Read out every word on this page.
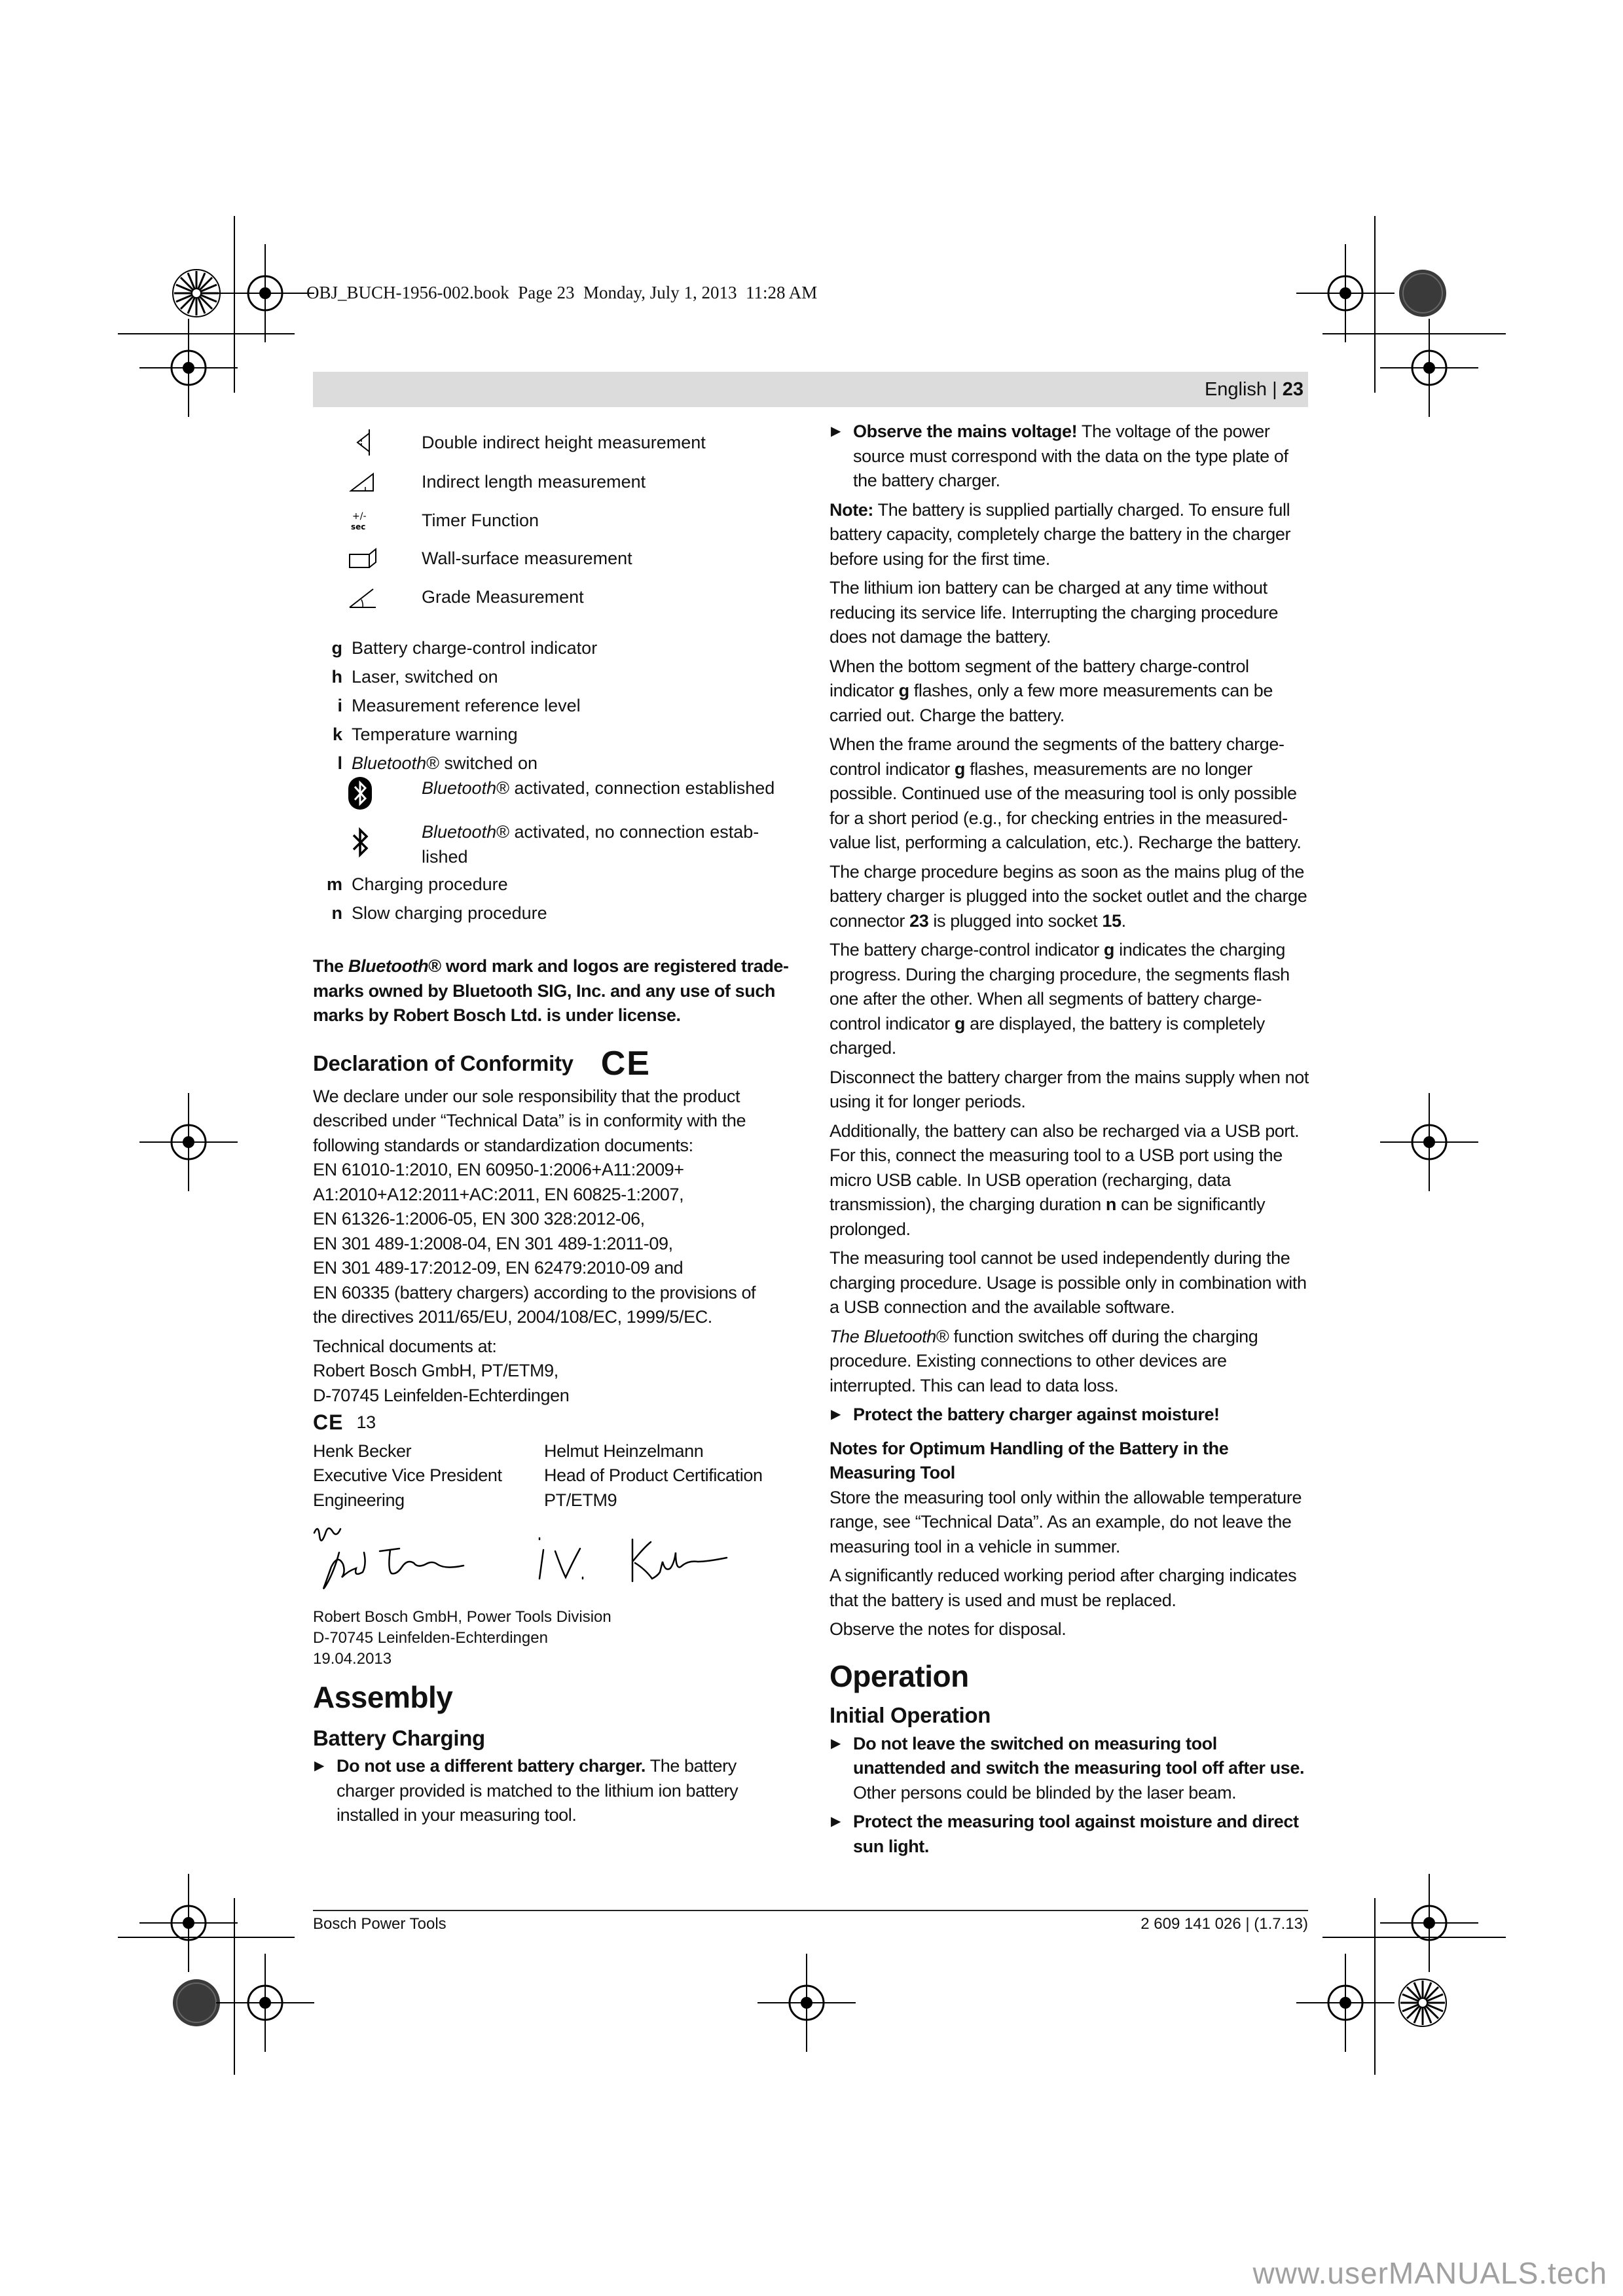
OBJ_BUCH-1956-002.book  Page 23  Monday, July 1, 2013  11:28 AM
English | 23
Double indirect height measurement
Indirect length measurement
+/-
sec	Timer Function
Wall-surface measurement
Grade Measurement
g Battery charge-control indicator
h Laser, switched on
i Measurement reference level
k Temperature warning
l Bluetooth® switched on
Bluetooth® activated, connection established
Bluetooth® activated, no connection estab-lished
m Charging procedure
n Slow charging procedure

The Bluetooth® word mark and logos are registered trade-marks owned by Bluetooth SIG, Inc. and any use of such marks by Robert Bosch Ltd. is under license.

Declaration of Conformity CE

We declare under our sole responsibility that the product described under “Technical Data” is in conformity with the following standards or standardization documents:

EN 61010-1:2010, EN 60950-1:2006+A11:2009+
A1:2010+A12:2011+AC:2011, EN 60825-1:2007,
EN 61326-1:2006-05, EN 300 328:2012-06,
EN 301 489-1:2008-04, EN 301 489-1:2011-09,
EN 301 489-17:2012-09, EN 62479:2010-09 and
EN 60335 (battery chargers) according to the provisions of
the directives 2011/65/EU, 2004/108/EC, 1999/5/EC.
Technical documents at:
Robert Bosch GmbH, PT/ETM9,
D-70745 Leinfelden-Echterdingen
CE 13
Henk Becker
Executive Vice President
Engineering
Helmut Heinzelmann
Head of Product Certification
PT/ETM9
Robert Bosch GmbH, Power Tools Division
D-70745 Leinfelden-Echterdingen
19.04.2013
Assembly
Battery Charging

▶ Do not use a different battery charger. The battery charger provided is matched to the lithium ion battery installed in your measuring tool.

▶ Observe the mains voltage! The voltage of the power source must correspond with the data on the type plate of the battery charger.

Note: The battery is supplied partially charged. To ensure full battery capacity, completely charge the battery in the charger before using for the first time.

The lithium ion battery can be charged at any time without reducing its service life. Interrupting the charging procedure does not damage the battery.

When the bottom segment of the battery charge-control indicator g flashes, only a few more measurements can be carried out. Charge the battery.

When the frame around the segments of the battery charge-control indicator g flashes, measurements are no longer possible. Continued use of the measuring tool is only possible for a short period (e.g., for checking entries in the measured-value list, performing a calculation, etc.). Recharge the battery.

The charge procedure begins as soon as the mains plug of the battery charger is plugged into the socket outlet and the charge connector 23 is plugged into socket 15.

The battery charge-control indicator g indicates the charging progress. During the charging procedure, the segments flash one after the other. When all segments of battery charge-control indicator g are displayed, the battery is completely charged.

Disconnect the battery charger from the mains supply when not using it for longer periods.

Additionally, the battery can also be recharged via a USB port. For this, connect the measuring tool to a USB port using the micro USB cable. In USB operation (recharging, data transmission), the charging duration n can be significantly prolonged.

The measuring tool cannot be used independently during the charging procedure. Usage is possible only in combination with a USB connection and the available software.

The Bluetooth® function switches off during the charging procedure. Existing connections to other devices are interrupted. This can lead to data loss.

▶ Protect the battery charger against moisture!

Notes for Optimum Handling of the Battery in the Measuring Tool

Store the measuring tool only within the allowable temperature range, see “Technical Data”. As an example, do not leave the measuring tool in a vehicle in summer.

A significantly reduced working period after charging indicates that the battery is used and must be replaced.

Observe the notes for disposal.

Operation
Initial Operation

▶ Do not leave the switched on measuring tool unattended and switch the measuring tool off after use. Other persons could be blinded by the laser beam.

▶ Protect the measuring tool against moisture and direct sun light.

Bosch Power Tools	2 609 141 026 | (1.7.13)
www.userMANUALS.tech
